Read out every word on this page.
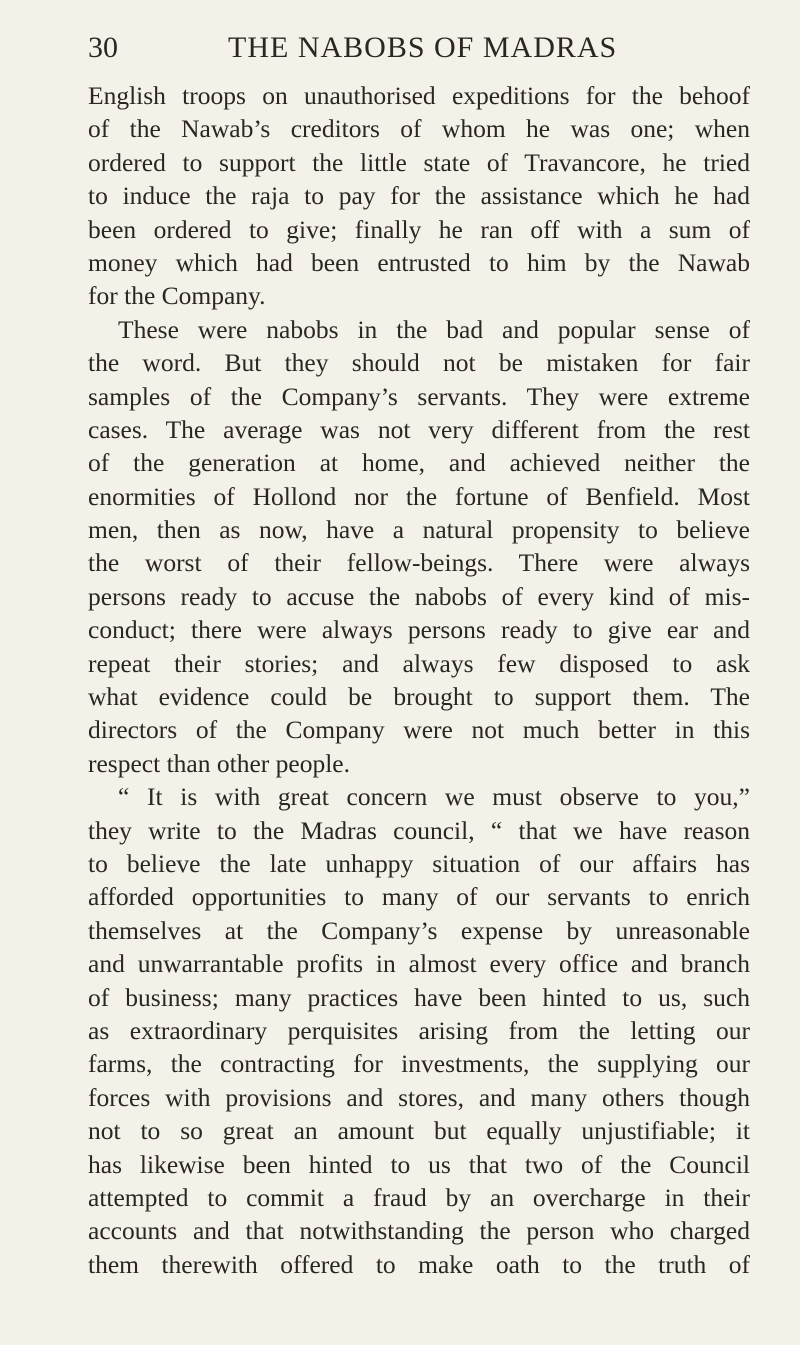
30	THE NABOBS OF MADRAS
English troops on unauthorised expeditions for the behoof
of the Nawab’s creditors of whom he was one; when
ordered to support the little state of Travancore, he tried
to induce the raja to pay for the assistance which he had
been ordered to give; finally he ran off with a sum of
money which had been entrusted to him by the Nawab
for the Company.
These were nabobs in the bad and popular sense of
the word. But they should not be mistaken for fair
samples of the Company’s servants. They were extreme
cases. The average was not very different from the rest
of the generation at home, and achieved neither the
enormities of Hollond nor the fortune of Benfield. Most
men, then as now, have a natural propensity to believe
the worst of their fellow-beings. There were always
persons ready to accuse the nabobs of every kind of mis-
conduct; there were always persons ready to give ear and
repeat their stories; and always few disposed to ask
what evidence could be brought to support them. The
directors of the Company were not much better in this
respect than other people.
“ It is with great concern we must observe to you,”
they write to the Madras council, “ that we have reason
to believe the late unhappy situation of our affairs has
afforded opportunities to many of our servants to enrich
themselves at the Company’s expense by unreasonable
and unwarrantable profits in almost every office and branch
of business; many practices have been hinted to us, such
as extraordinary perquisites arising from the letting our
farms, the contracting for investments, the supplying our
forces with provisions and stores, and many others though
not to so great an amount but equally unjustifiable; it
has likewise been hinted to us that two of the Council
attempted to commit a fraud by an overcharge in their
accounts and that notwithstanding the person who charged
them therewith offered to make oath to the truth of
